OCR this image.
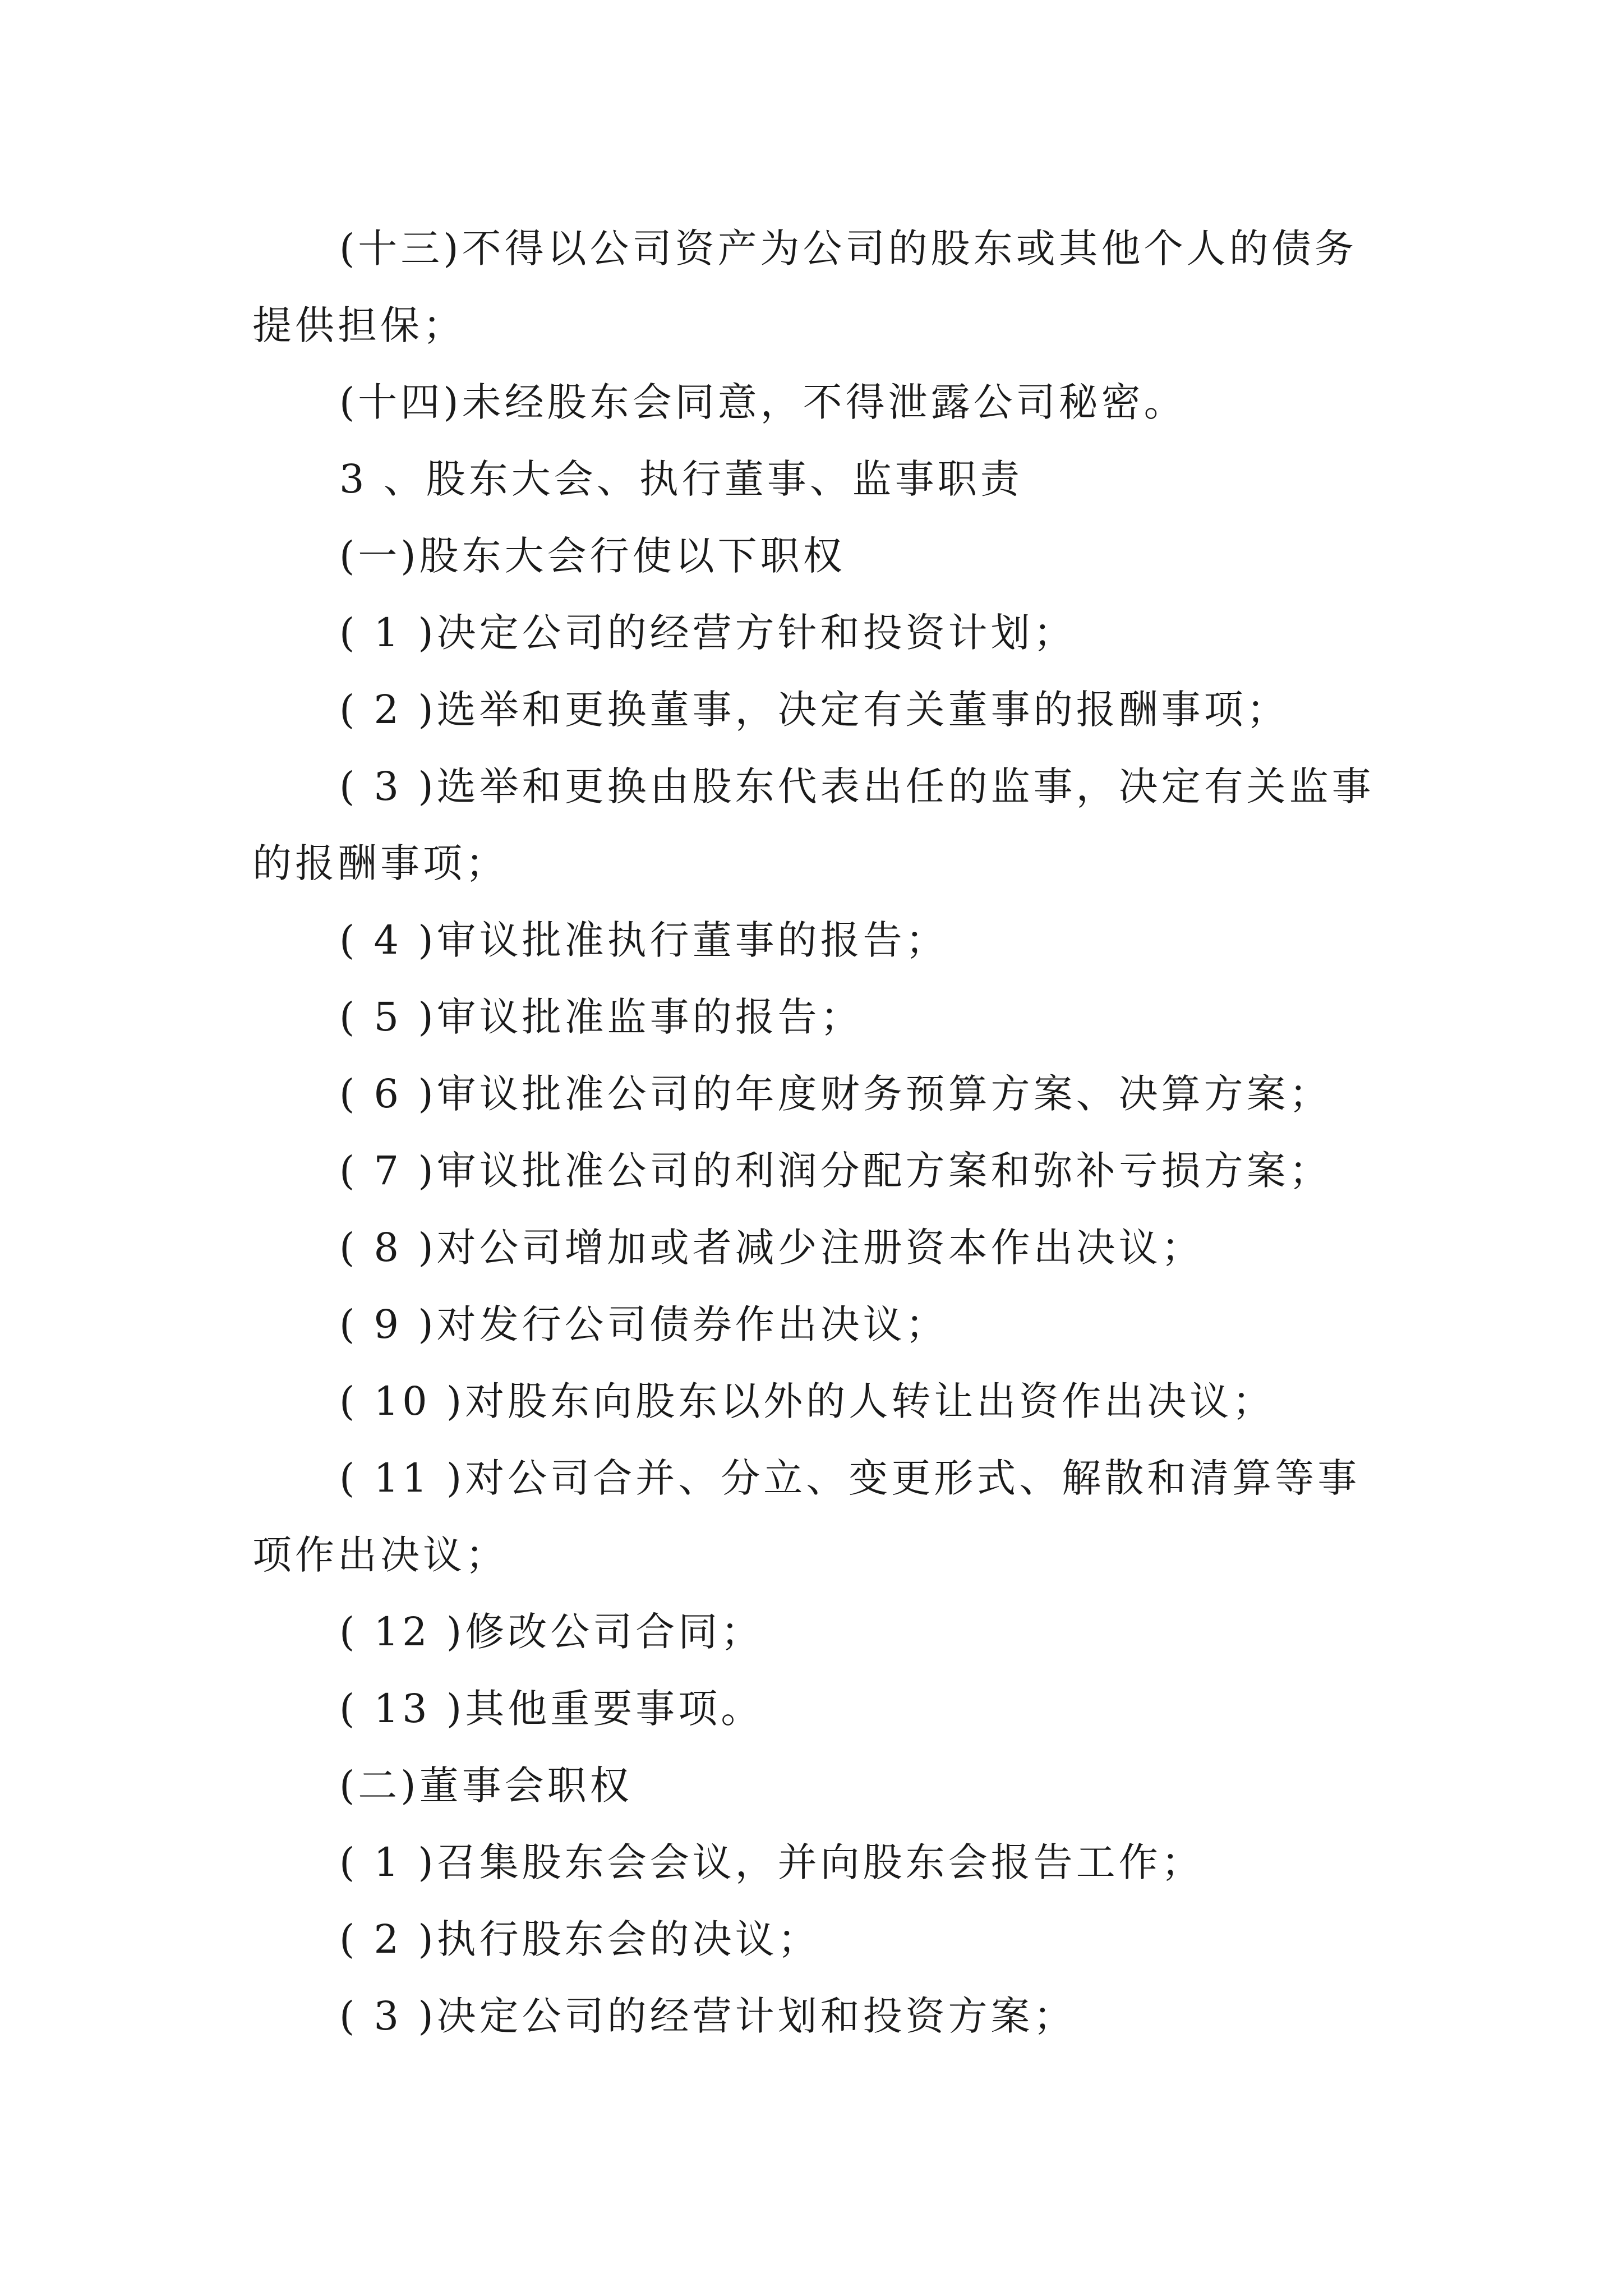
(十三)不得以公司资产为公司的股东或其他个人的债务提供担保；

(十四)未经股东会同意，不得泄露公司秘密。

3 、股东大会、执行董事、监事职责

(一)股东大会行使以下职权

( 1 )决定公司的经营方针和投资计划；

( 2 )选举和更换董事，决定有关董事的报酬事项；

( 3 )选举和更换由股东代表出任的监事，决定有关监事的报酬事项；

( 4 )审议批准执行董事的报告；

( 5 )审议批准监事的报告；

( 6 )审议批准公司的年度财务预算方案、决算方案；

( 7 )审议批准公司的利润分配方案和弥补亏损方案；

( 8 )对公司增加或者减少注册资本作出决议；

( 9 )对发行公司债券作出决议；

( 10 )对股东向股东以外的人转让出资作出决议；

( 11 )对公司合并、分立、变更形式、解散和清算等事项作出决议；

( 12 )修改公司合同；

( 13 )其他重要事项。

(二)董事会职权

( 1 )召集股东会会议，并向股东会报告工作；

( 2 )执行股东会的决议；

( 3 )决定公司的经营计划和投资方案；
